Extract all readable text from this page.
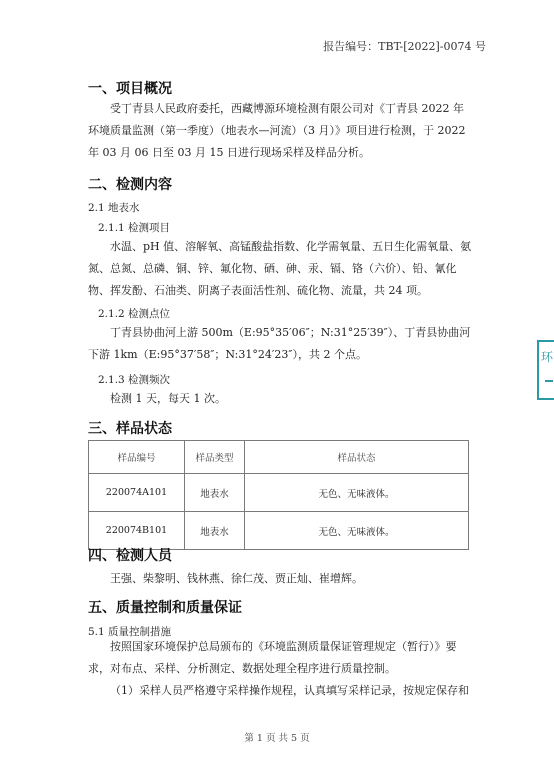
报告编号：TBT-[2022]-0074 号
一、项目概况
受丁青县人民政府委托，西藏博源环境检测有限公司对《丁青县 2022 年环境质量监测（第一季度）（地表水—河流）（3 月）》项目进行检测，于 2022 年 03 月 06 日至 03 月 15 日进行现场采样及样品分析。
二、检测内容
2.1 地表水
2.1.1 检测项目
水温、pH 值、溶解氧、高锰酸盐指数、化学需氧量、五日生化需氧量、氨氮、总氮、总磷、铜、锌、氟化物、硒、砷、汞、镉、铬（六价）、铅、氰化物、挥发酚、石油类、阴离子表面活性剂、硫化物、流量，共 24 项。
2.1.2 检测点位
丁青县协曲河上游 500m（E:95°35′06″；N:31°25′39″）、丁青县协曲河下游 1km（E:95°37′58″；N:31°24′23″），共 2 个点。
2.1.3 检测频次
检测 1 天，每天 1 次。
三、样品状态
样品编号	样品类型	样品状态
220074A101	地表水	无色、无味液体。
220074B101	地表水	无色、无味液体。
四、检测人员
王强、柴黎明、钱林燕、徐仁茂、贾正灿、崔增辉。
五、质量控制和质量保证
5.1 质量控制措施
按照国家环境保护总局颁布的《环境监测质量保证管理规定（暂行）》要求，对布点、采样、分析测定、数据处理全程序进行质量控制。
（1）采样人员严格遵守采样操作规程，认真填写采样记录，按规定保存和
第 1 页 共 5 页
环
